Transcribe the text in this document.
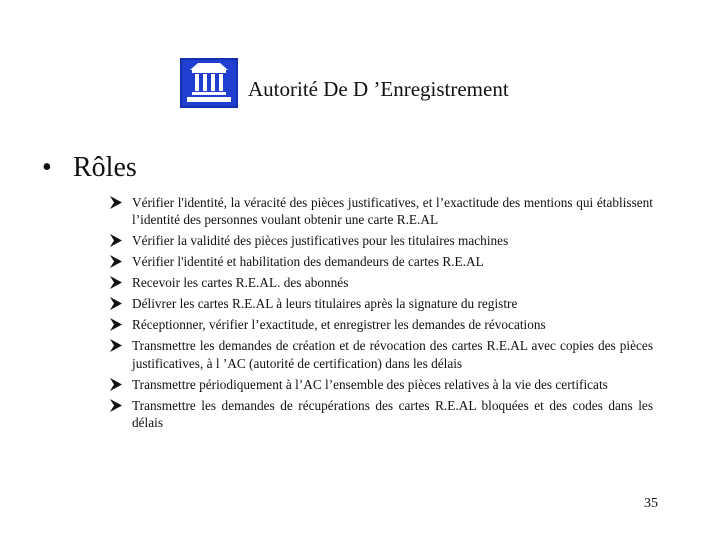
Autorité De D ’Enregistrement
• Rôles
Vérifier l'identité, la véracité des pièces justificatives, et l’exactitude des mentions qui établissent l’identité des personnes voulant obtenir une carte R.E.AL
Vérifier la validité des pièces justificatives pour les titulaires machines
Vérifier l'identité et habilitation des demandeurs de cartes R.E.AL
Recevoir les cartes R.E.AL. des abonnés
Délivrer les cartes R.E.AL à leurs titulaires après la signature du registre
Réceptionner, vérifier l’exactitude, et enregistrer les demandes de révocations
Transmettre les demandes de création et de révocation des cartes R.E.AL avec copies des pièces justificatives, à l ’AC (autorité de certification) dans les délais
Transmettre périodiquement à l’AC l’ensemble des pièces relatives à la vie des certificats
Transmettre les demandes de récupérations des cartes R.E.AL bloquées et des codes dans les délais
35
